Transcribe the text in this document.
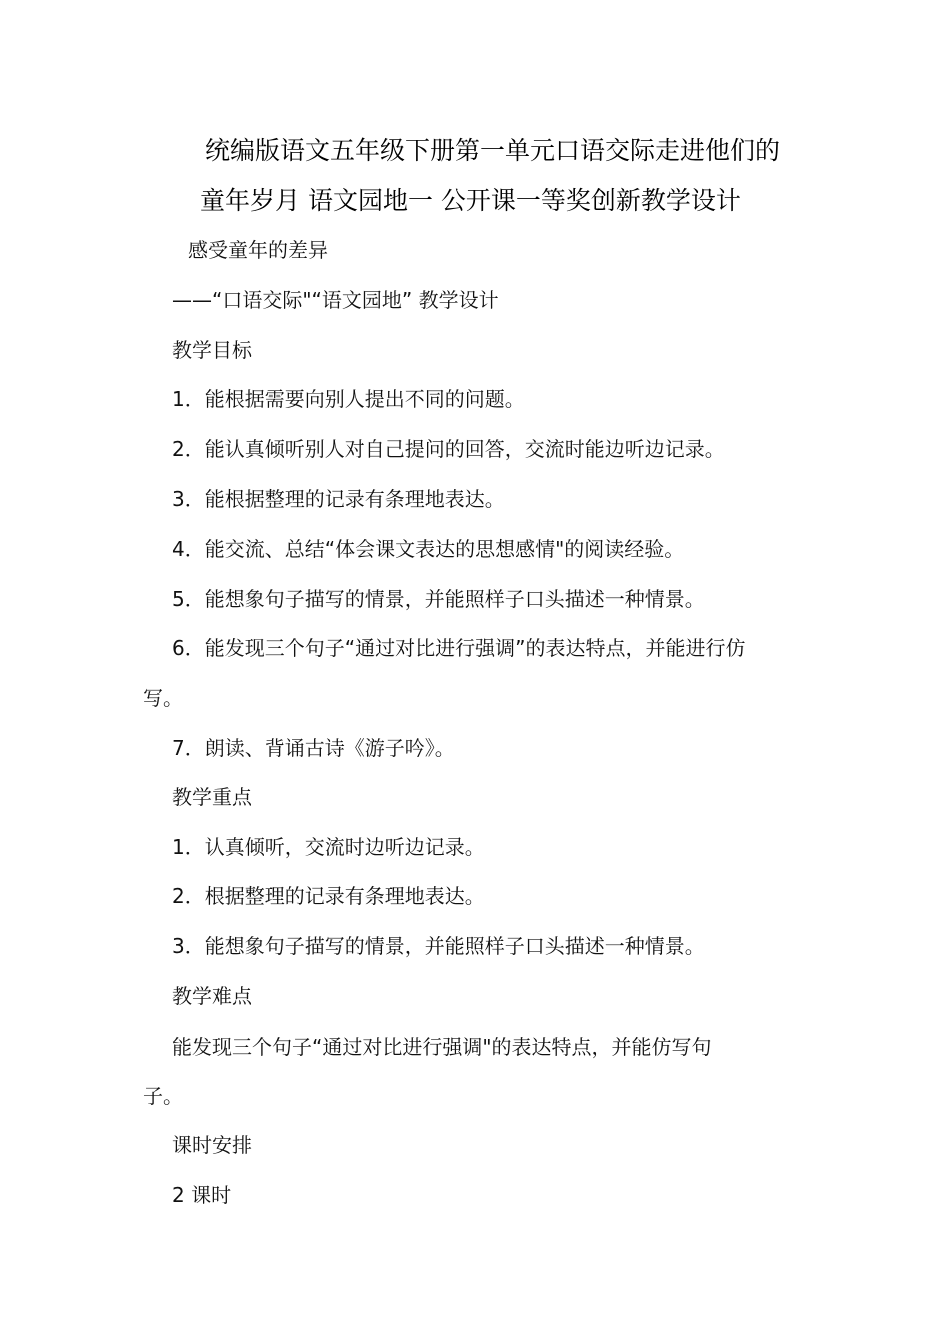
统编版语文五年级下册第一单元口语交际走进他们的
童年岁月 语文园地一 公开课一等奖创新教学设计
感受童年的差异
——“口语交际"“语文园地” 教学设计
教学目标
1．能根据需要向别人提出不同的问题。
2．能认真倾听别人对自己提问的回答，交流时能边听边记录。
3．能根据整理的记录有条理地表达。
4．能交流、总结“体会课文表达的思想感情"的阅读经验。
5．能想象句子描写的情景，并能照样子口头描述一种情景。
6．能发现三个句子“通过对比进行强调”的表达特点，并能进行仿
写。
7．朗读、背诵古诗《游子吟》。
教学重点
1．认真倾听，交流时边听边记录。
2．根据整理的记录有条理地表达。
3．能想象句子描写的情景，并能照样子口头描述一种情景。
教学难点
能发现三个句子“通过对比进行强调"的表达特点，并能仿写句
子。
课时安排
2 课时
